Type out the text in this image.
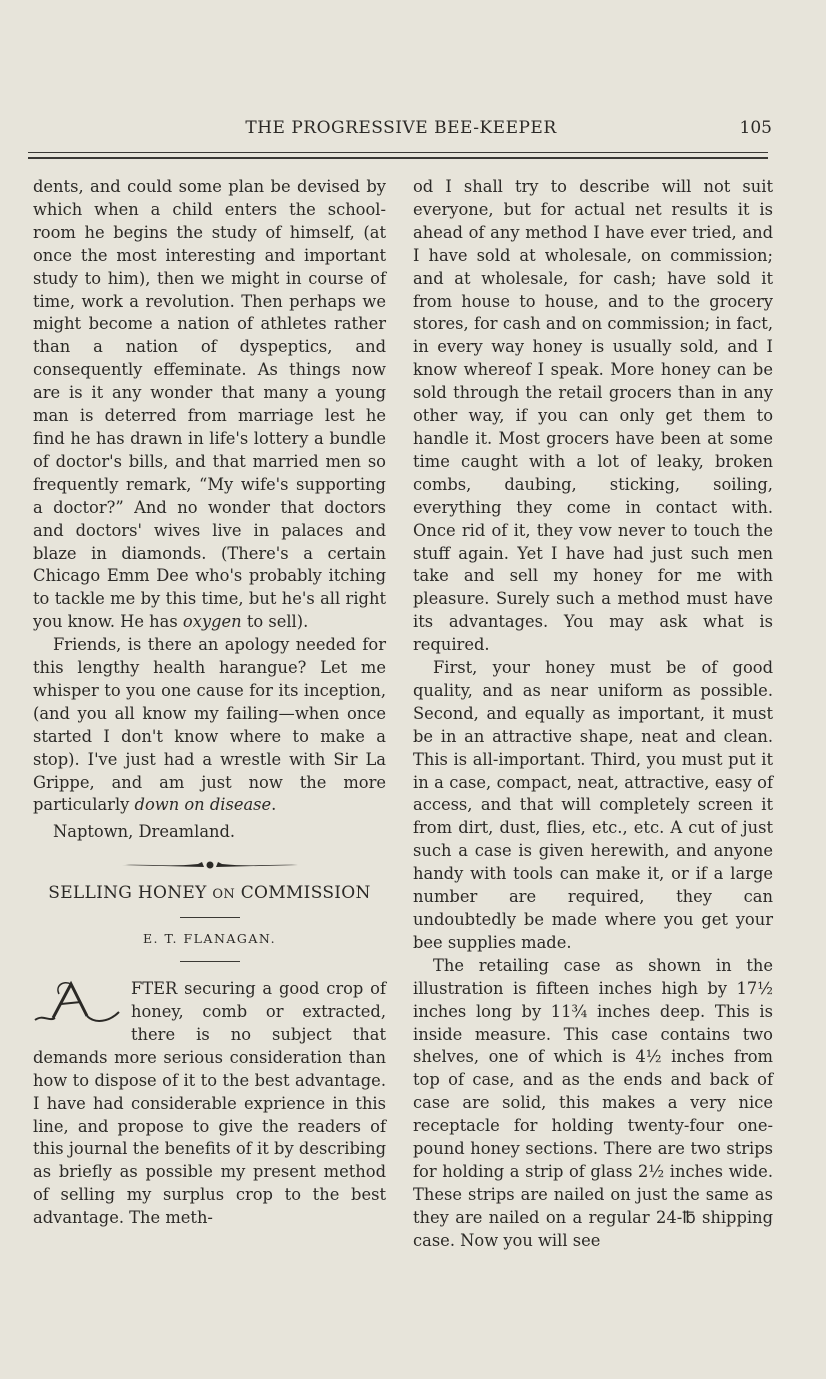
THE PROGRESSIVE BEE-KEEPER	105

dents, and could some plan be devised by which when a child enters the school-room he begins the study of himself, (at once the most interesting and important study to him), then we might in course of time, work a revolution. Then perhaps we might become a nation of athletes rather than a nation of dyspeptics, and consequently effeminate. As things now are is it any wonder that many a young man is deterred from marriage lest he find he has drawn in life's lottery a bundle of doctor's bills, and that married men so frequently remark, “My wife's supporting a doctor?” And no wonder that doctors and doctors' wives live in palaces and blaze in diamonds. (There's a certain Chicago Emm Dee who's probably itching to tackle me by this time, but he's all right you know. He has oxygen to sell).

Friends, is there an apology needed for this lengthy health harangue? Let me whisper to you one cause for its inception, (and you all know my failing—when once started I don't know where to make a stop). I've just had a wrestle with Sir La Grippe, and am just now the more particularly down on disease.

Naptown, Dreamland.

SELLING HONEY ON COMMISSION
E. T. FLANAGAN.

FTER securing a good crop of honey, comb or extracted, there is no subject that demands more serious consideration than how to dispose of it to the best advantage. I have had considerable exprience in this line, and propose to give the readers of this journal the benefits of it by describing as briefly as possible my present method of selling my surplus crop to the best advantage. The meth-

od I shall try to describe will not suit everyone, but for actual net results it is ahead of any method I have ever tried, and I have sold at wholesale, on commission; and at wholesale, for cash; have sold it from house to house, and to the grocery stores, for cash and on commission; in fact, in every way honey is usually sold, and I know whereof I speak. More honey can be sold through the retail grocers than in any other way, if you can only get them to handle it. Most grocers have been at some time caught with a lot of leaky, broken combs, daubing, sticking, soiling, everything they come in contact with. Once rid of it, they vow never to touch the stuff again. Yet I have had just such men take and sell my honey for me with pleasure. Surely such a method must have its advantages. You may ask what is required.

First, your honey must be of good quality, and as near uniform as possible. Second, and equally as important, it must be in an attractive shape, neat and clean. This is all-important. Third, you must put it in a case, compact, neat, attractive, easy of access, and that will completely screen it from dirt, dust, flies, etc., etc. A cut of just such a case is given herewith, and anyone handy with tools can make it, or if a large number are required, they can undoubtedly be made where you get your bee supplies made.

The retailing case as shown in the illustration is fifteen inches high by 17½ inches long by 11¾ inches deep. This is inside measure. This case contains two shelves, one of which is 4½ inches from top of case, and as the ends and back of case are solid, this makes a very nice receptacle for holding twenty-four one-pound honey sections. There are two strips for holding a strip of glass 2½ inches wide. These strips are nailed on just the same as they are nailed on a regular 24-℔ shipping case. Now you will see
